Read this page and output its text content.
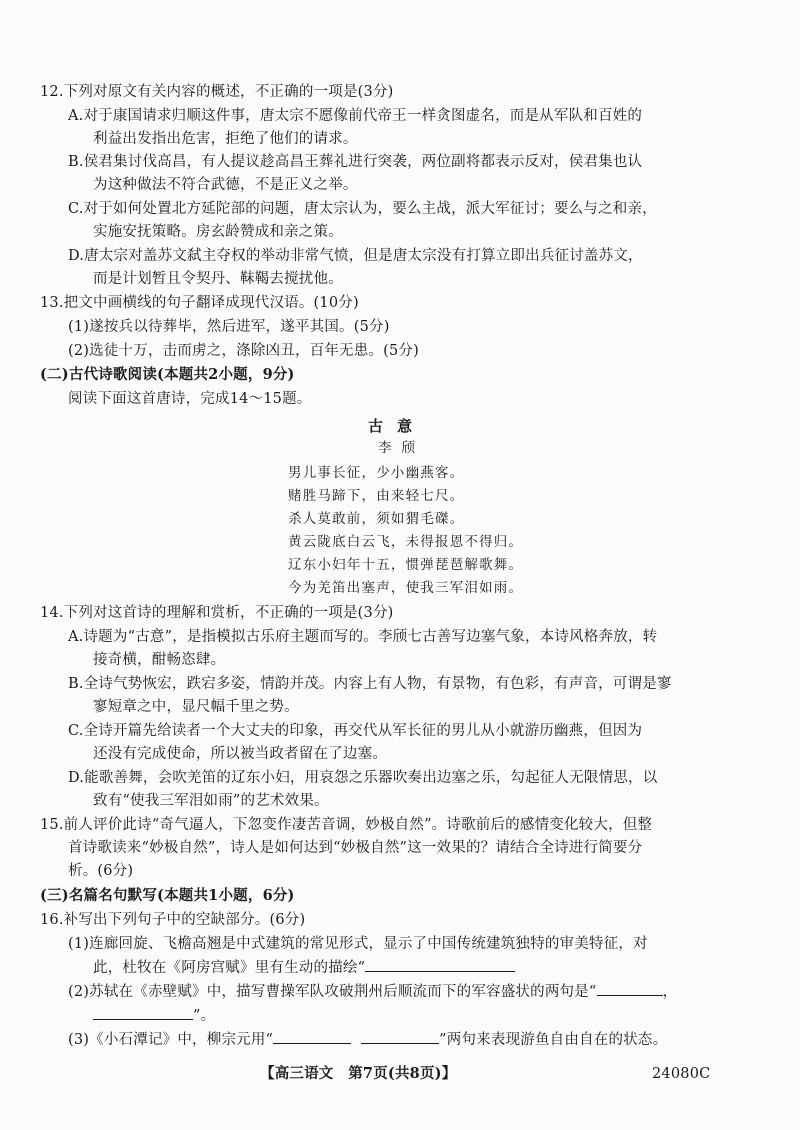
12.下列对原文有关内容的概述，不正确的一项是(3分)
A.对于康国请求归顺这件事，唐太宗不愿像前代帝王一样贪图虚名，而是从军队和百姓的
利益出发指出危害，拒绝了他们的请求。
B.侯君集讨伐高昌，有人提议趁高昌王葬礼进行突袭，两位副将都表示反对，侯君集也认
为这种做法不符合武德，不是正义之举。
C.对于如何处置北方延陀部的问题，唐太宗认为，要么主战，派大军征讨；要么与之和亲，
实施安抚策略。房玄龄赞成和亲之策。
D.唐太宗对盖苏文弑主夺权的举动非常气愤，但是唐太宗没有打算立即出兵征讨盖苏文，
而是计划暂且令契丹、靺鞨去搅扰他。
13.把文中画横线的句子翻译成现代汉语。(10分)
(1)遂按兵以待葬毕，然后进军，遂平其国。(5分)
(2)选徒十万，击而虏之，涤除凶丑，百年无患。(5分)
(二)古代诗歌阅读(本题共2小题，9分)
阅读下面这首唐诗，完成14～15题。
古意
李颀
男儿事长征，少小幽燕客。
赌胜马蹄下，由来轻七尺。
杀人莫敢前，须如猬毛磔。
黄云陇底白云飞，未得报恩不得归。
辽东小妇年十五，惯弹琵琶解歌舞。
今为羌笛出塞声，使我三军泪如雨。
14.下列对这首诗的理解和赏析，不正确的一项是(3分)
A.诗题为“古意”，是指模拟古乐府主题而写的。李颀七古善写边塞气象，本诗风格奔放，转
接奇横，酣畅恣肆。
B.全诗气势恢宏，跌宕多姿，情韵并茂。内容上有人物，有景物，有色彩，有声音，可谓是寥
寥短章之中，显尺幅千里之势。
C.全诗开篇先给读者一个大丈夫的印象，再交代从军长征的男儿从小就游历幽燕，但因为
还没有完成使命，所以被当政者留在了边塞。
D.能歌善舞，会吹羌笛的辽东小妇，用哀怨之乐器吹奏出边塞之乐，勾起征人无限情思，以
致有“使我三军泪如雨”的艺术效果。
15.前人评价此诗“奇气逼人，下忽变作凄苦音调，妙极自然”。诗歌前后的感情变化较大，但整
首诗歌读来“妙极自然”，诗人是如何达到“妙极自然”这一效果的？请结合全诗进行简要分
析。(6分)
(三)名篇名句默写(本题共1小题，6分)
16.补写出下列句子中的空缺部分。(6分)
(1)连廊回旋、飞檐高翘是中式建筑的常见形式，显示了中国传统建筑独特的审美特征，对
此，杜牧在《阿房宫赋》里有生动的描绘“
(2)苏轼在《赤壁赋》中，描写曹操军队攻破荆州后顺流而下的军容盛状的两句是“	，
”。
(3)《小石潭记》中，柳宗元用“	”两句来表现游鱼自由自在的状态。
【高三语文　第7页(共8页)】	24080C
